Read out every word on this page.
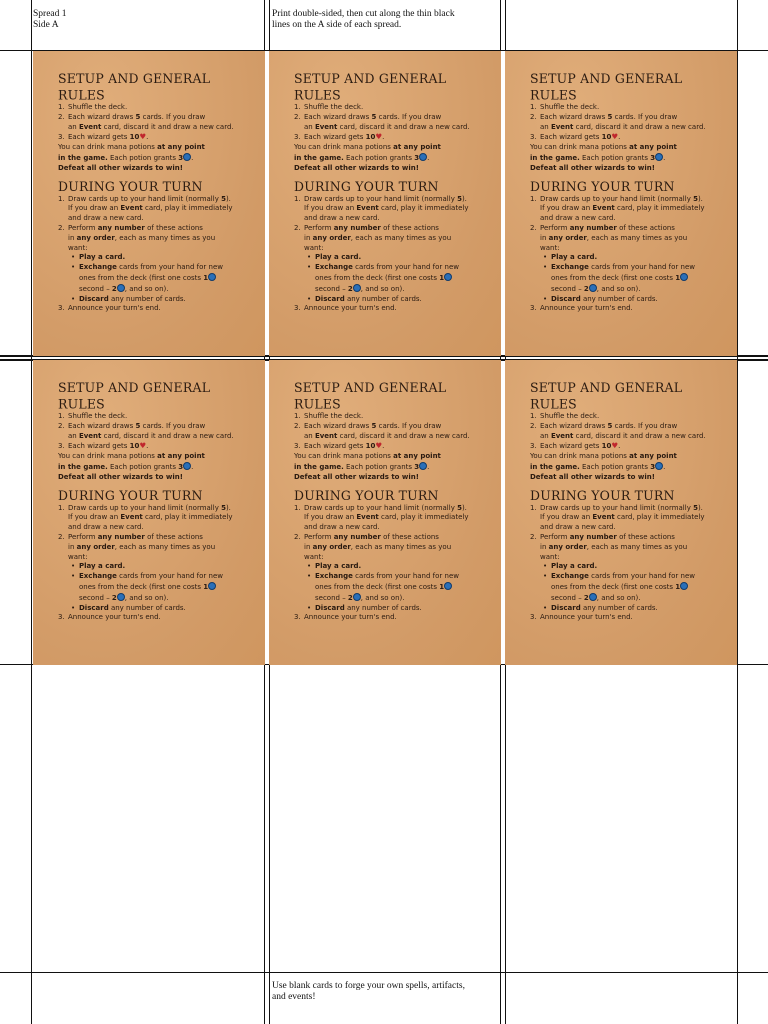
Spread 1
Side A
Print double-sided, then cut along the thin black
lines on the A side of each spread.
Use blank cards to forge your own spells, artifacts,
and events!
SETUP AND GENERAL RULES

1. Shuffle the deck.

2. Each wizard draws 5 cards. If you draw

an Event card, discard it and draw a new card.

3. Each wizard gets 10♥.

You can drink mana potions at any point

in the game. Each potion grants 3 .

Defeat all other wizards to win!

DURING YOUR TURN

1. Draw cards up to your hand limit (normally 5).

If you draw an Event card, play it immediately

and draw a new card.

2. Perform any number of these actions

in any order, each as many times as you

want:

• Play a card.

• Exchange cards from your hand for new

ones from the deck (first one costs 1

second – 2 , and so on).

• Discard any number of cards.

3. Announce your turn's end.

SETUP AND GENERAL RULES

1. Shuffle the deck.

2. Each wizard draws 5 cards. If you draw

an Event card, discard it and draw a new card.

3. Each wizard gets 10♥.

You can drink mana potions at any point

in the game. Each potion grants 3 .

Defeat all other wizards to win!

DURING YOUR TURN

1. Draw cards up to your hand limit (normally 5).

If you draw an Event card, play it immediately

and draw a new card.

2. Perform any number of these actions

in any order, each as many times as you

want:

• Play a card.

• Exchange cards from your hand for new

ones from the deck (first one costs 1

second – 2 , and so on).

• Discard any number of cards.

3. Announce your turn's end.

SETUP AND GENERAL RULES

1. Shuffle the deck.

2. Each wizard draws 5 cards. If you draw

an Event card, discard it and draw a new card.

3. Each wizard gets 10♥.

You can drink mana potions at any point

in the game. Each potion grants 3 .

Defeat all other wizards to win!

DURING YOUR TURN

1. Draw cards up to your hand limit (normally 5).

If you draw an Event card, play it immediately

and draw a new card.

2. Perform any number of these actions

in any order, each as many times as you

want:

• Play a card.

• Exchange cards from your hand for new

ones from the deck (first one costs 1

second – 2 , and so on).

• Discard any number of cards.

3. Announce your turn's end.

SETUP AND GENERAL RULES

1. Shuffle the deck.

2. Each wizard draws 5 cards. If you draw

an Event card, discard it and draw a new card.

3. Each wizard gets 10♥.

You can drink mana potions at any point

in the game. Each potion grants 3 .

Defeat all other wizards to win!

DURING YOUR TURN

1. Draw cards up to your hand limit (normally 5).

If you draw an Event card, play it immediately

and draw a new card.

2. Perform any number of these actions

in any order, each as many times as you

want:

• Play a card.

• Exchange cards from your hand for new

ones from the deck (first one costs 1

second – 2 , and so on).

• Discard any number of cards.

3. Announce your turn's end.

SETUP AND GENERAL RULES

1. Shuffle the deck.

2. Each wizard draws 5 cards. If you draw

an Event card, discard it and draw a new card.

3. Each wizard gets 10♥.

You can drink mana potions at any point

in the game. Each potion grants 3 .

Defeat all other wizards to win!

DURING YOUR TURN

1. Draw cards up to your hand limit (normally 5).

If you draw an Event card, play it immediately

and draw a new card.

2. Perform any number of these actions

in any order, each as many times as you

want:

• Play a card.

• Exchange cards from your hand for new

ones from the deck (first one costs 1

second – 2 , and so on).

• Discard any number of cards.

3. Announce your turn's end.

SETUP AND GENERAL RULES

1. Shuffle the deck.

2. Each wizard draws 5 cards. If you draw

an Event card, discard it and draw a new card.

3. Each wizard gets 10♥.

You can drink mana potions at any point

in the game. Each potion grants 3 .

Defeat all other wizards to win!

DURING YOUR TURN

1. Draw cards up to your hand limit (normally 5).

If you draw an Event card, play it immediately

and draw a new card.

2. Perform any number of these actions

in any order, each as many times as you

want:

• Play a card.

• Exchange cards from your hand for new

ones from the deck (first one costs 1

second – 2 , and so on).

• Discard any number of cards.

3. Announce your turn's end.
